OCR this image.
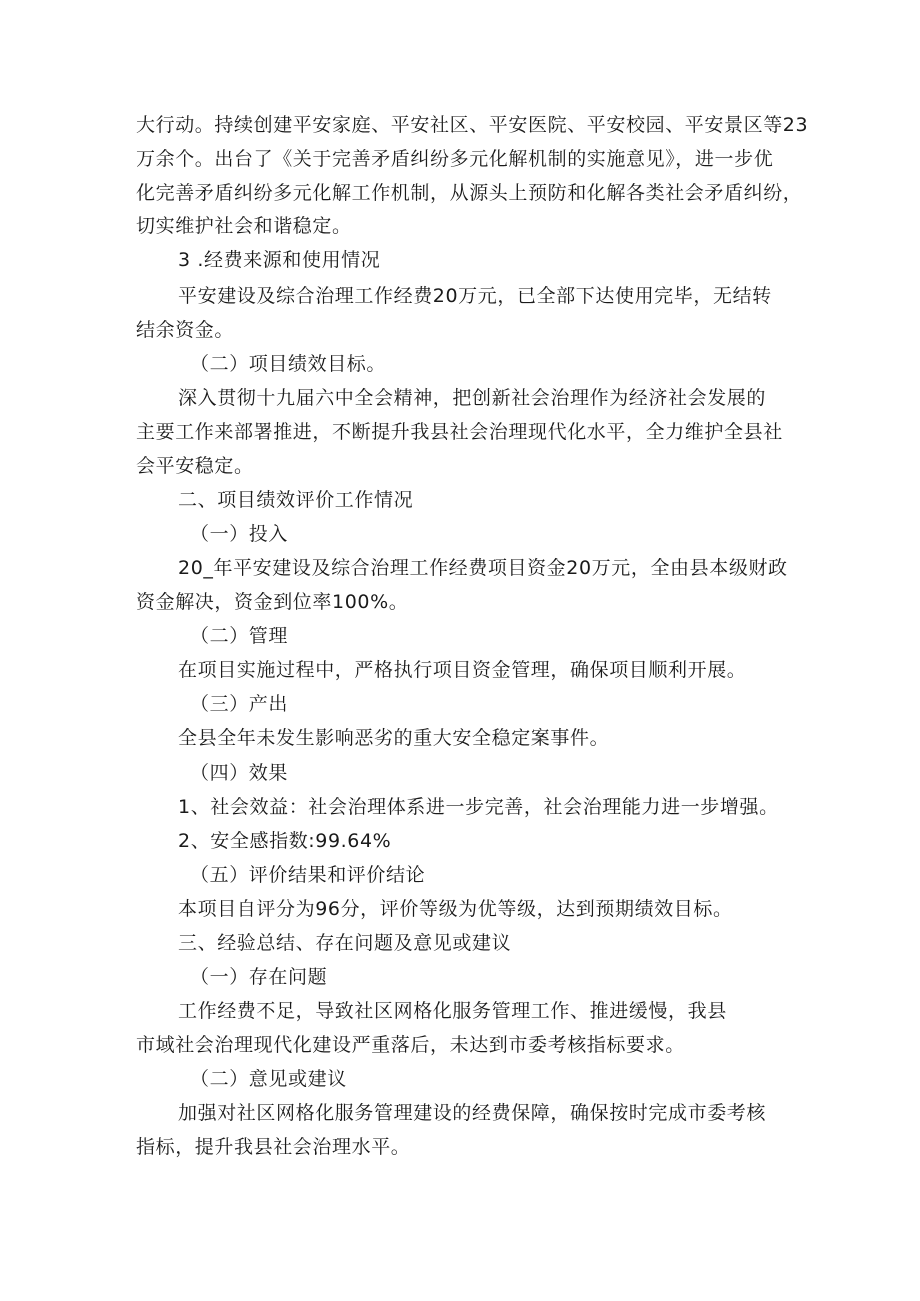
大行动。持续创建平安家庭、平安社区、平安医院、平安校园、平安景区等23
万余个。出台了《关于完善矛盾纠纷多元化解机制的实施意见》，进一步优
化完善矛盾纠纷多元化解工作机制，从源头上预防和化解各类社会矛盾纠纷，
切实维护社会和谐稳定。
3 .经费来源和使用情况
平安建设及综合治理工作经费20万元，已全部下达使用完毕，无结转
结余资金。
（二）项目绩效目标。
深入贯彻十九届六中全会精神，把创新社会治理作为经济社会发展的
主要工作来部署推进，不断提升我县社会治理现代化水平，全力维护全县社
会平安稳定。
二、项目绩效评价工作情况
（一）投入
20_年平安建设及综合治理工作经费项目资金20万元，全由县本级财政
资金解决，资金到位率100%。
（二）管理
在项目实施过程中，严格执行项目资金管理，确保项目顺利开展。
（三）产出
全县全年未发生影响恶劣的重大安全稳定案事件。
（四）效果
1、社会效益：社会治理体系进一步完善，社会治理能力进一步增强。
2、安全感指数:99.64%
（五）评价结果和评价结论
本项目自评分为96分，评价等级为优等级，达到预期绩效目标。
三、经验总结、存在问题及意见或建议
（一）存在问题
工作经费不足，导致社区网格化服务管理工作、推进缓慢，我县
市域社会治理现代化建设严重落后，未达到市委考核指标要求。
（二）意见或建议
加强对社区网格化服务管理建设的经费保障，确保按时完成市委考核
指标，提升我县社会治理水平。
